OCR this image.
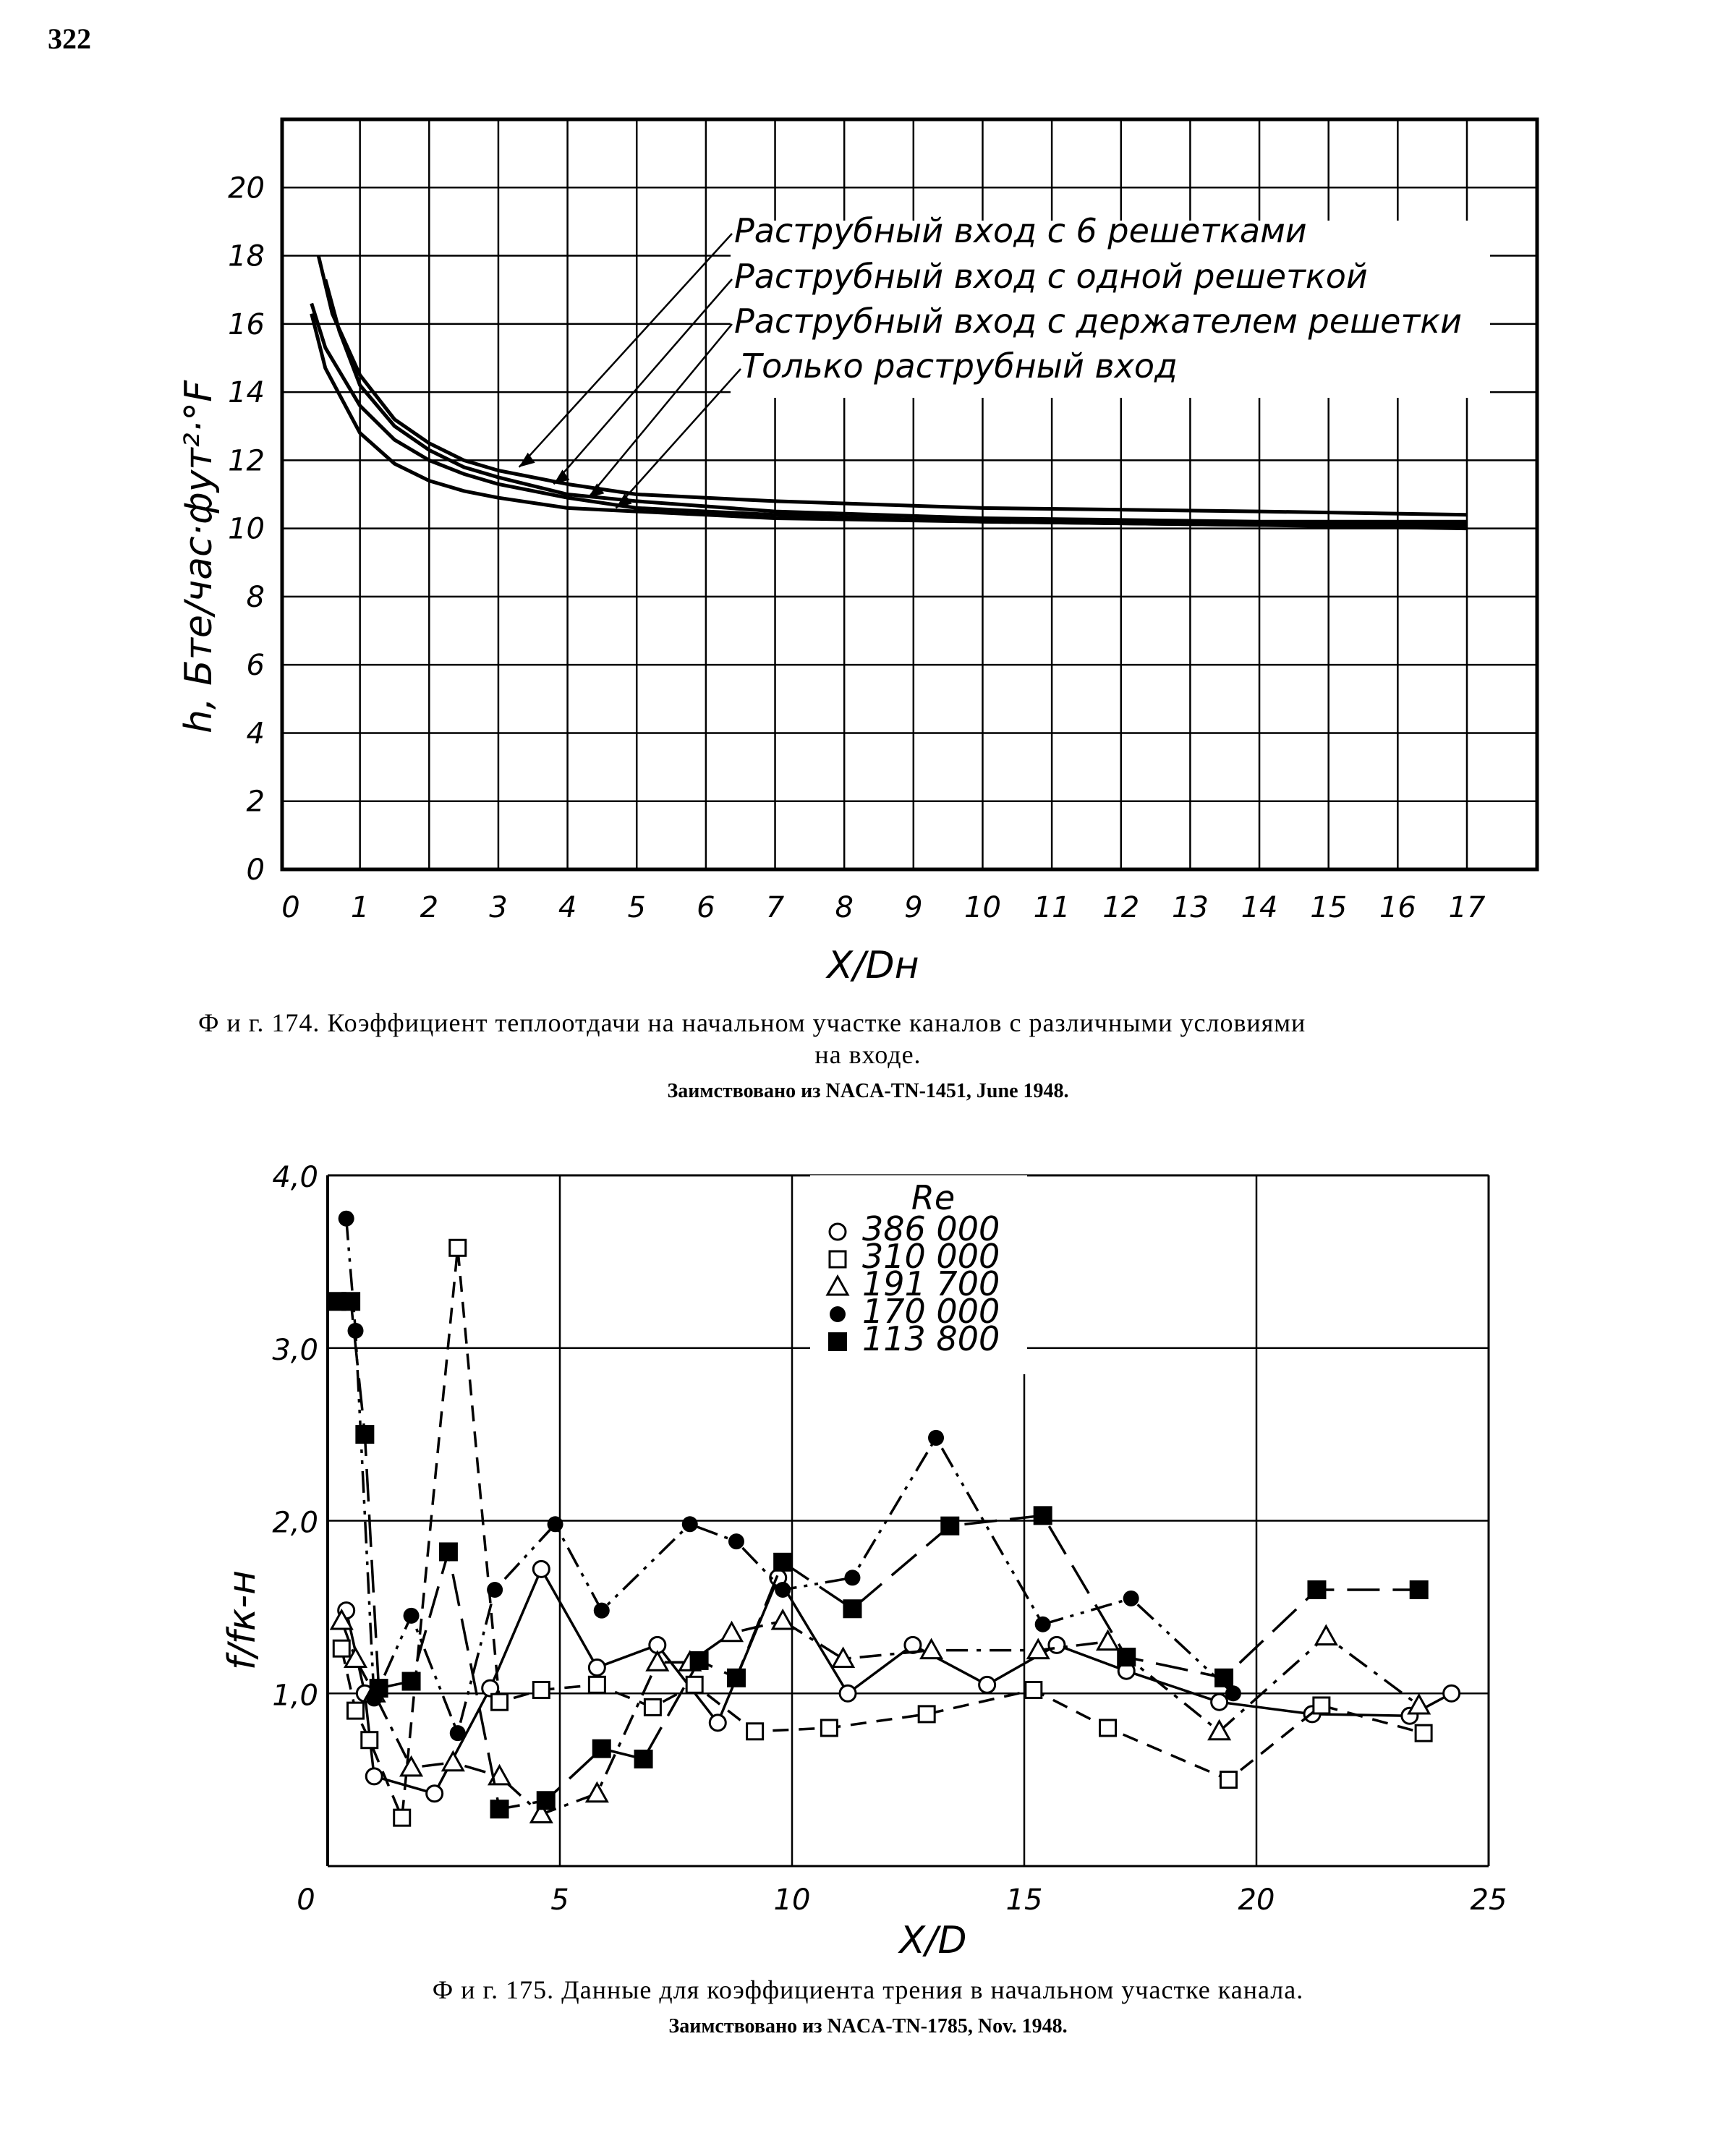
322
0 1 2 3 4 5 6 7 8 9 10 11 12 13 14 15 16 17
0
2
4
6
8
10
12
14
16
18
20
Раструбный вход с 6 решетками
Раструбный вход с одной решеткой
Раструбный вход с держателем решетки
Только раструбный вход
h, Бте/час·фут²·°F
X/Dн
Ф и г. 174. Коэффициент теплоотдачи на начальном участке каналов с различными условиями
на входе.
Заимствовано из NACA-TN-1451, June 1948.
0	5	10	15	20	25
1,0
2,0
3,0
4,0
Re
386 000
310 000
191 700
170 000
113 800
f/fк-н
X/D
Ф и г. 175. Данные для коэффициента трения в начальном участке канала.
Заимствовано из NACA-TN-1785, Nov. 1948.
